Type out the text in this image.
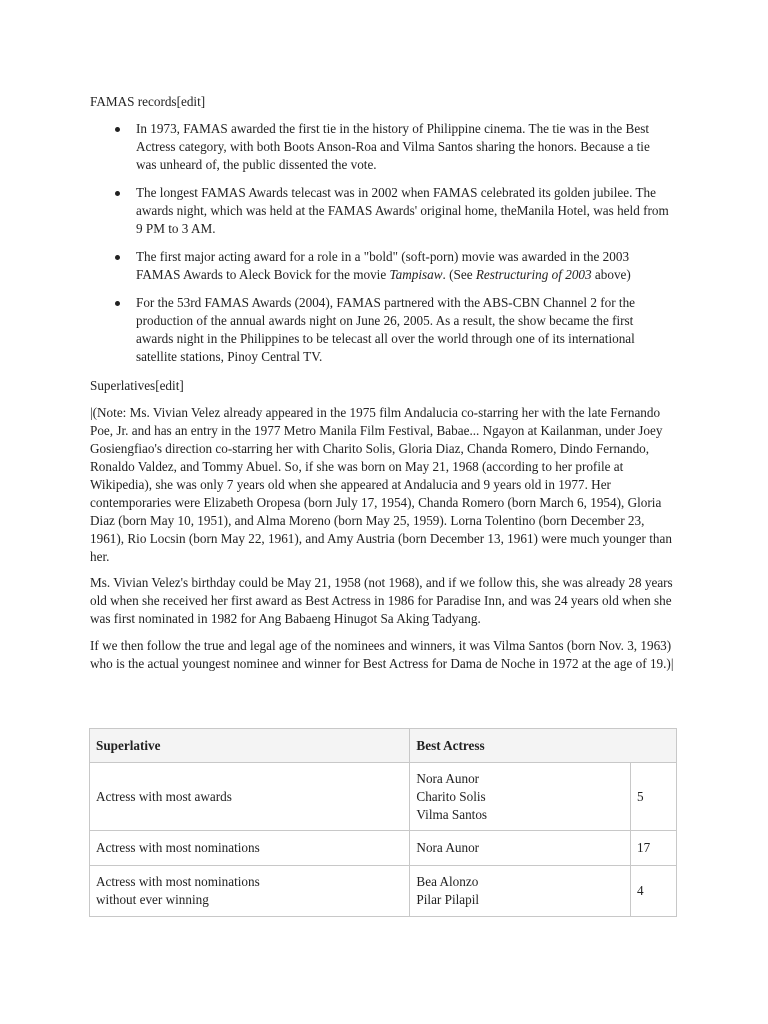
FAMAS records[edit]
In 1973, FAMAS awarded the first tie in the history of Philippine cinema. The tie was in the Best Actress category, with both Boots Anson-Roa and Vilma Santos sharing the honors. Because a tie was unheard of, the public dissented the vote.
The longest FAMAS Awards telecast was in 2002 when FAMAS celebrated its golden jubilee. The awards night, which was held at the FAMAS Awards' original home, theManila Hotel, was held from 9 PM to 3 AM.
The first major acting award for a role in a "bold" (soft-porn) movie was awarded in the 2003 FAMAS Awards to Aleck Bovick for the movie Tampisaw. (See Restructuring of 2003 above)
For the 53rd FAMAS Awards (2004), FAMAS partnered with the ABS-CBN Channel 2 for the production of the annual awards night on June 26, 2005. As a result, the show became the first awards night in the Philippines to be telecast all over the world through one of its international satellite stations, Pinoy Central TV.
Superlatives[edit]

|(Note: Ms. Vivian Velez already appeared in the 1975 film Andalucia co-starring her with the late Fernando Poe, Jr. and has an entry in the 1977 Metro Manila Film Festival, Babae... Ngayon at Kailanman, under Joey Gosiengfiao's direction co-starring her with Charito Solis, Gloria Diaz, Chanda Romero, Dindo Fernando, Ronaldo Valdez, and Tommy Abuel. So, if she was born on May 21, 1968 (according to her profile at Wikipedia), she was only 7 years old when she appeared at Andalucia and 9 years old in 1977. Her contemporaries were Elizabeth Oropesa (born July 17, 1954), Chanda Romero (born March 6, 1954), Gloria Diaz (born May 10, 1951), and Alma Moreno (born May 25, 1959). Lorna Tolentino (born December 23, 1961), Rio Locsin (born May 22, 1961), and Amy Austria (born December 13, 1961) were much younger than her.

Ms. Vivian Velez's birthday could be May 21, 1958 (not 1968), and if we follow this, she was already 28 years old when she received her first award as Best Actress in 1986 for Paradise Inn, and was 24 years old when she was first nominated in 1982 for Ang Babaeng Hinugot Sa Aking Tadyang.

If we then follow the true and legal age of the nominees and winners, it was Vilma Santos (born Nov. 3, 1963) who is the actual youngest nominee and winner for Best Actress for Dama de Noche in 1972 at the age of 19.)|

Superlative	Best Actress	
Actress with most awards	Nora Aunor
Charito Solis
Vilma Santos	5
Actress with most nominations	Nora Aunor	17

Actress with most nominations
without ever winning	Bea Alonzo
Pilar Pilapil	4
